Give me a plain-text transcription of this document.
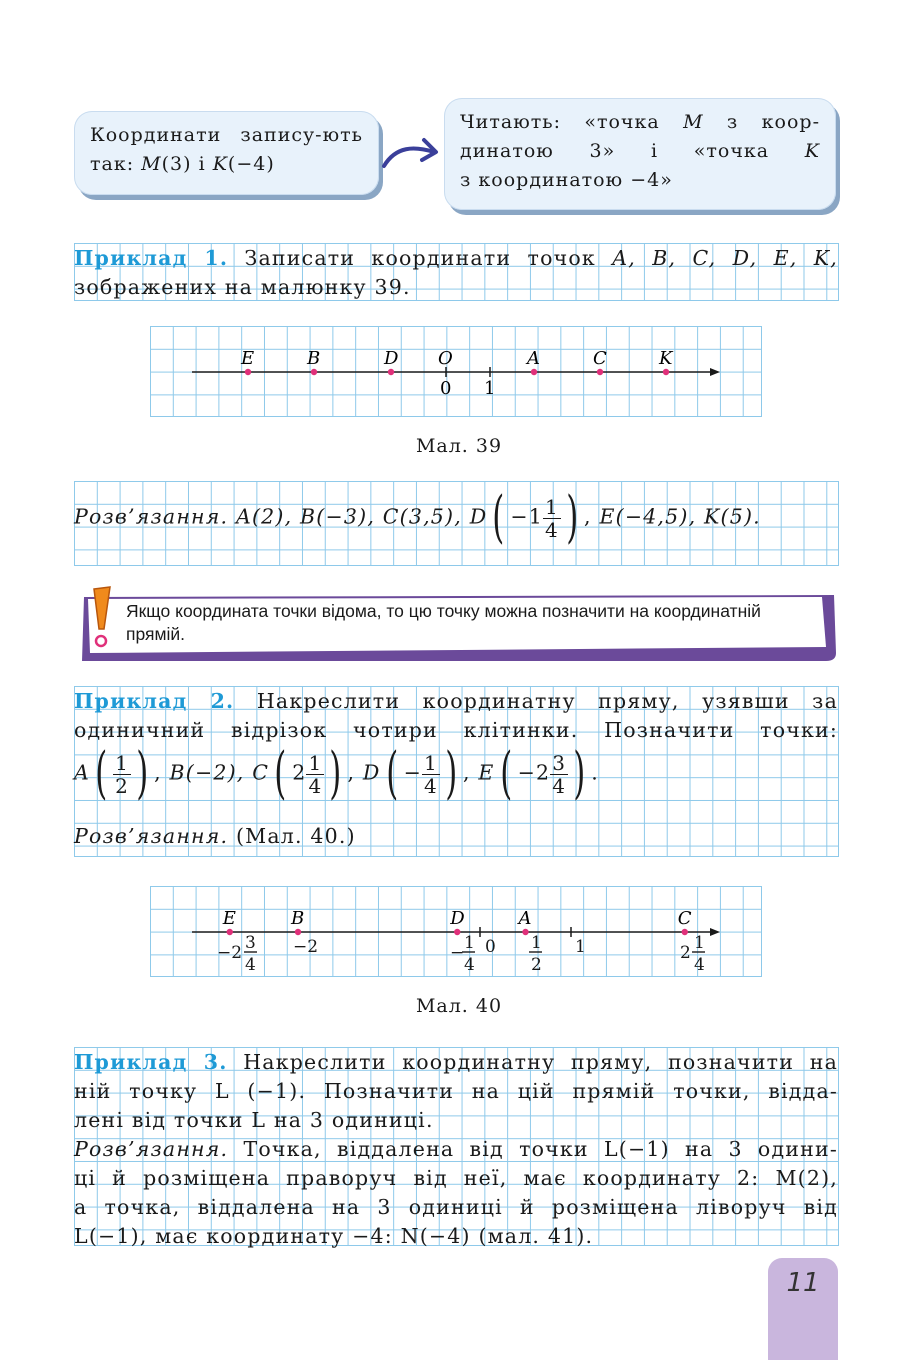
Координати запису-ють так: M(3) і K(−4)
Читають: «точка M з коор-
динатою 3» і «точка K
з координатою −4»
Приклад 1. Записати координати точок A, B, C, D, E, K,
зображених на малюнку 39.
O
0 1
E	B	D	A	C	K
Мал. 39
Розв’язання. A(2), B(−3), C(3,5), $D( -1 \frac{1}{4}$ ) , E(−4,5), K(5).
Якщо координата точки відома, то цю точку можна позначити на координатній прямій.
Приклад 2. Накреслити координатну пряму, узявши за одиничний відрізок чотири клітинки. Позначити точки:
$A( \frac{1}{2}$ ) , B(−2), C( $2 \frac{1}{4}$ ) , $D( - \frac{1}{4}$ ) , $E( -2 \frac{3}{4}$ ) .
Розв’язання. (Мал. 40.)
−2 3
4
−2	− 1
4
0 1
2
1	2 1
4
E	B	D	A	C
Мал. 40
Приклад 3. Накреслити координатну пряму, позначити на
ній точку L (−1). Позначити на цій прямій точки, відда-
лені від точки L на 3 одиниці.
Розв’язання. Точка, віддалена від точки L(−1) на 3 одини-
ці й розміщена праворуч від неї, має координату 2: M(2),
а точка, віддалена на 3 одиниці й розміщена ліворуч від
L(−1), має координату −4: N(−4) (мал. 41).
11
